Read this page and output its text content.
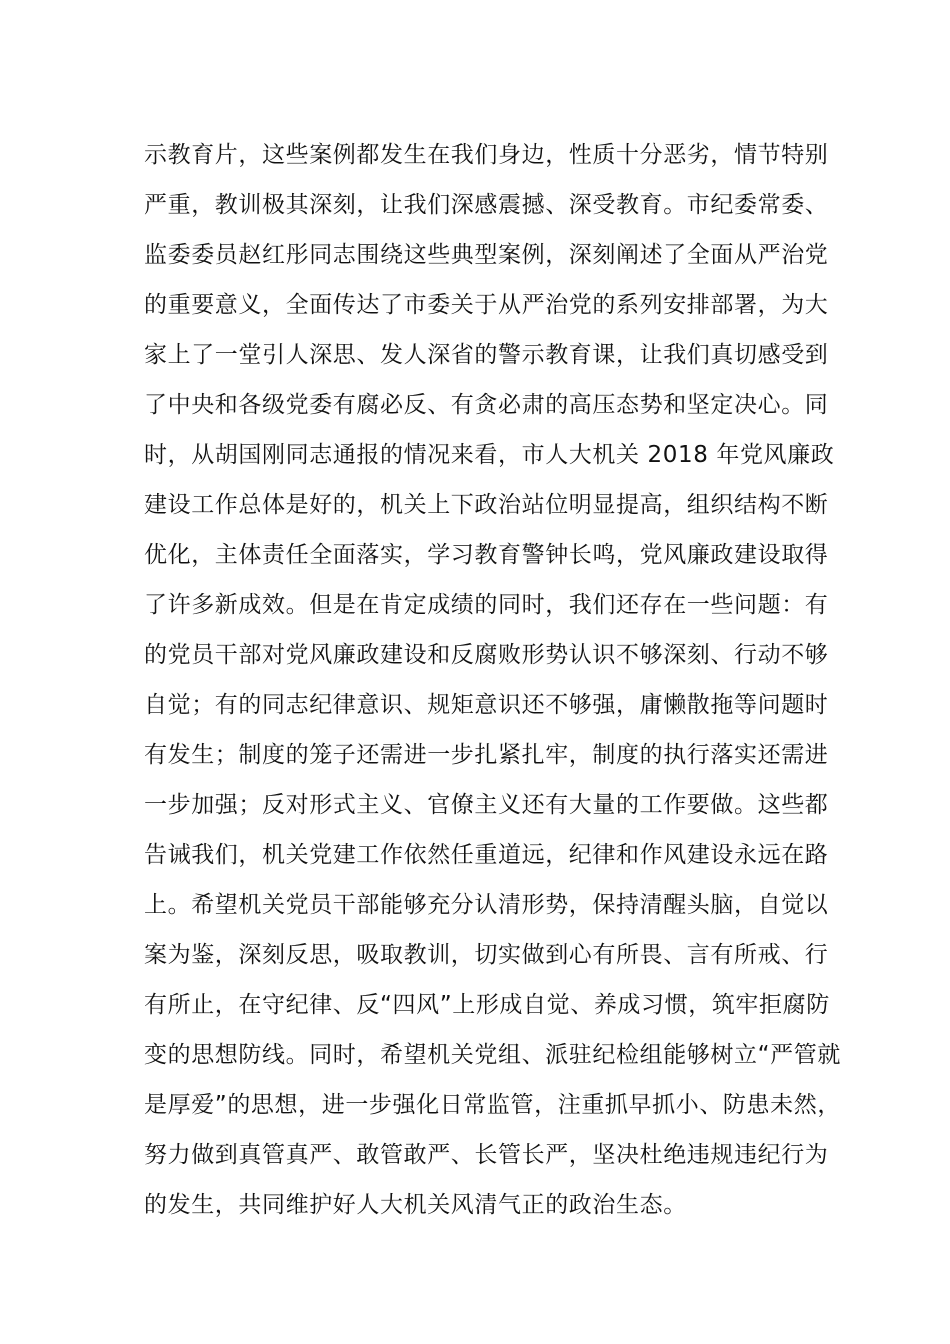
示教育片，这些案例都发生在我们身边，性质十分恶劣，情节特别
严重，教训极其深刻，让我们深感震撼、深受教育。市纪委常委、
监委委员赵红彤同志围绕这些典型案例，深刻阐述了全面从严治党
的重要意义，全面传达了市委关于从严治党的系列安排部署，为大
家上了一堂引人深思、发人深省的警示教育课，让我们真切感受到
了中央和各级党委有腐必反、有贪必肃的高压态势和坚定决心。同
时，从胡国刚同志通报的情况来看，市人大机关 2018 年党风廉政
建设工作总体是好的，机关上下政治站位明显提高，组织结构不断
优化，主体责任全面落实，学习教育警钟长鸣，党风廉政建设取得
了许多新成效。但是在肯定成绩的同时，我们还存在一些问题：有
的党员干部对党风廉政建设和反腐败形势认识不够深刻、行动不够
自觉；有的同志纪律意识、规矩意识还不够强，庸懒散拖等问题时
有发生；制度的笼子还需进一步扎紧扎牢，制度的执行落实还需进
一步加强；反对形式主义、官僚主义还有大量的工作要做。这些都
告诫我们，机关党建工作依然任重道远，纪律和作风建设永远在路
上。希望机关党员干部能够充分认清形势，保持清醒头脑，自觉以
案为鉴，深刻反思，吸取教训，切实做到心有所畏、言有所戒、行
有所止，在守纪律、反“四风”上形成自觉、养成习惯，筑牢拒腐防
变的思想防线。同时，希望机关党组、派驻纪检组能够树立“严管就
是厚爱”的思想，进一步强化日常监管，注重抓早抓小、防患未然，
努力做到真管真严、敢管敢严、长管长严，坚决杜绝违规违纪行为
的发生，共同维护好人大机关风清气正的政治生态。
